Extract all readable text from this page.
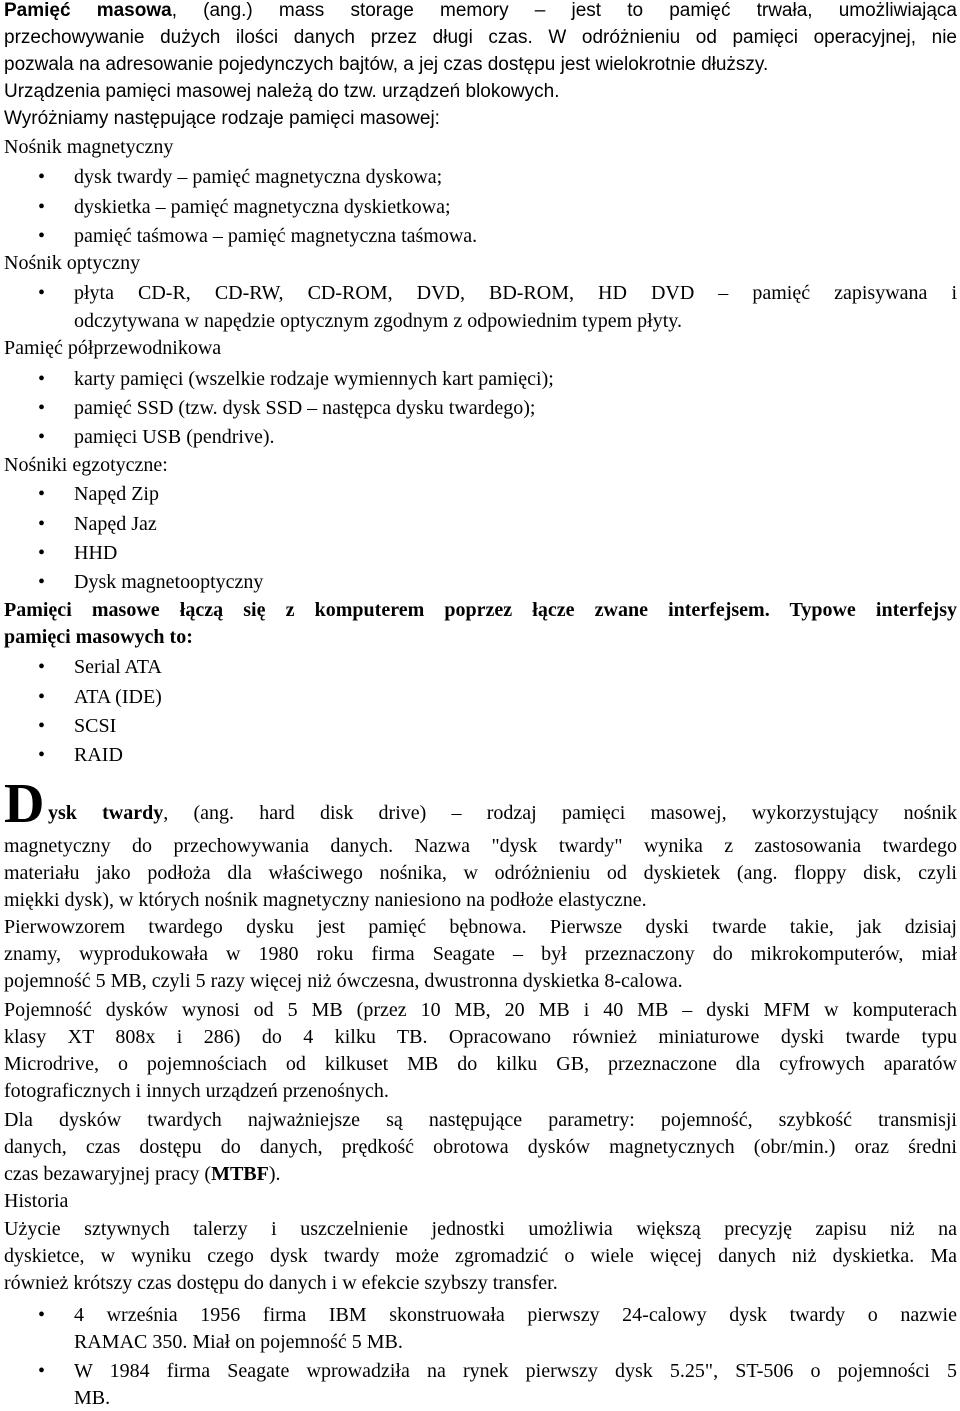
Pamięć masowa, (ang.) mass storage memory – jest to pamięć trwała, umożliwiająca
przechowywanie dużych ilości danych przez długi czas. W odróżnieniu od pamięci operacyjnej, nie
pozwala na adresowanie pojedynczych bajtów, a jej czas dostępu jest wielokrotnie dłuższy.
Urządzenia pamięci masowej należą do tzw. urządzeń blokowych.
Wyróżniamy następujące rodzaje pamięci masowej:
Nośnik magnetyczny
• dysk twardy – pamięć magnetyczna dyskowa;
• dyskietka – pamięć magnetyczna dyskietkowa;
• pamięć taśmowa – pamięć magnetyczna taśmowa.
Nośnik optyczny
• płyta CD-R, CD-RW, CD-ROM, DVD, BD-ROM, HD DVD – pamięć zapisywana i
odczytywana w napędzie optycznym zgodnym z odpowiednim typem płyty.
Pamięć półprzewodnikowa
• karty pamięci (wszelkie rodzaje wymiennych kart pamięci);
• pamięć SSD (tzw. dysk SSD – następca dysku twardego);
• pamięci USB (pendrive).
Nośniki egzotyczne:
• Napęd Zip
• Napęd Jaz
• HHD
• Dysk magnetooptyczny
Pamięci masowe łączą się z komputerem poprzez łącze zwane interfejsem. Typowe interfejsy
pamięci masowych to:
• Serial ATA
• ATA (IDE)
• SCSI
• RAID
D ysk twardy, (ang. hard disk drive) – rodzaj pamięci masowej, wykorzystujący nośnik
magnetyczny do przechowywania danych. Nazwa "dysk twardy" wynika z zastosowania twardego
materiału jako podłoża dla właściwego nośnika, w odróżnieniu od dyskietek (ang. floppy disk, czyli
miękki dysk), w których nośnik magnetyczny naniesiono na podłoże elastyczne.
Pierwowzorem twardego dysku jest pamięć bębnowa. Pierwsze dyski twarde takie, jak dzisiaj
znamy, wyprodukowała w 1980 roku firma Seagate – był przeznaczony do mikrokomputerów, miał
pojemność 5 MB, czyli 5 razy więcej niż ówczesna, dwustronna dyskietka 8-calowa.
Pojemność dysków wynosi od 5 MB (przez 10 MB, 20 MB i 40 MB – dyski MFM w komputerach
klasy XT 808x i 286) do 4 kilku TB. Opracowano również miniaturowe dyski twarde typu
Microdrive, o pojemnościach od kilkuset MB do kilku GB, przeznaczone dla cyfrowych aparatów
fotograficznych i innych urządzeń przenośnych.
Dla dysków twardych najważniejsze są następujące parametry: pojemność, szybkość transmisji
danych, czas dostępu do danych, prędkość obrotowa dysków magnetycznych (obr/min.) oraz średni
czas bezawaryjnej pracy (MTBF).
Historia
Użycie sztywnych talerzy i uszczelnienie jednostki umożliwia większą precyzję zapisu niż na
dyskietce, w wyniku czego dysk twardy może zgromadzić o wiele więcej danych niż dyskietka. Ma
również krótszy czas dostępu do danych i w efekcie szybszy transfer.
• 4 września 1956 firma IBM skonstruowała pierwszy 24-calowy dysk twardy o nazwie
RAMAC 350. Miał on pojemność 5 MB.
• W 1984 firma Seagate wprowadziła na rynek pierwszy dysk 5.25", ST-506 o pojemności 5
MB.
